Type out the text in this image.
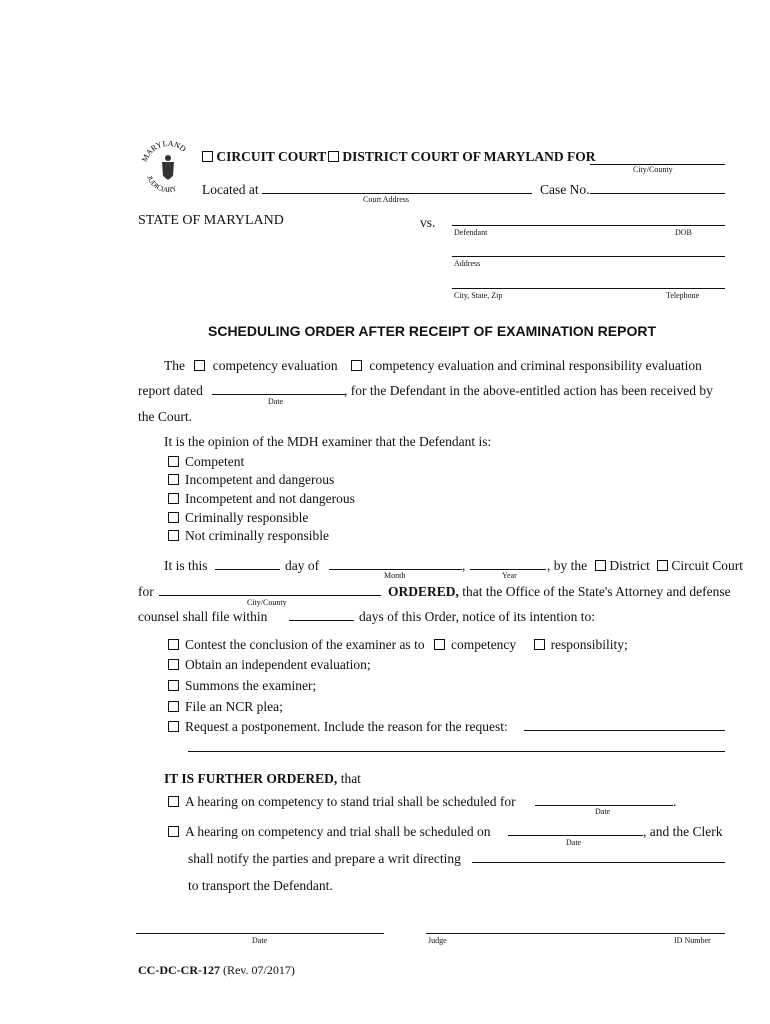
MARYLAND
JUDICIARY
CIRCUIT COURT	DISTRICT COURT OF MARYLAND FOR
City/County
Located at
Court Address
Case No.
STATE OF MARYLAND	vs.
Defendant	DOB
Address
City, State, Zip	Telephone
SCHEDULING ORDER AFTER RECEIPT OF EXAMINATION REPORT
The competency evaluation competency evaluation and criminal responsibility evaluation
report dated
Date
, for the Defendant in the above-entitled action has been received by
the Court.
It is the opinion of the MDH examiner that the Defendant is:
Competent
Incompetent and dangerous
Incompetent and not dangerous
Criminally responsible
Not criminally responsible
It is this	day of	,
Month	Year
, by the	District	Circuit Court
for
City/County
ORDERED, that the Office of the State's Attorney and defense
counsel shall file within	days of this Order, notice of its intention to:
Contest the conclusion of the examiner as to competency	responsibility;
Obtain an independent evaluation;
Summons the examiner;
File an NCR plea;
Request a postponement. Include the reason for the request:
IT IS FURTHER ORDERED, that
A hearing on competency to stand trial shall be scheduled for	.
Date
A hearing on competency and trial shall be scheduled on
Date
, and the Clerk
shall notify the parties and prepare a writ directing
to transport the Defendant.
Date	Judge	ID Number
CC-DC-CR-127 (Rev. 07/2017)
